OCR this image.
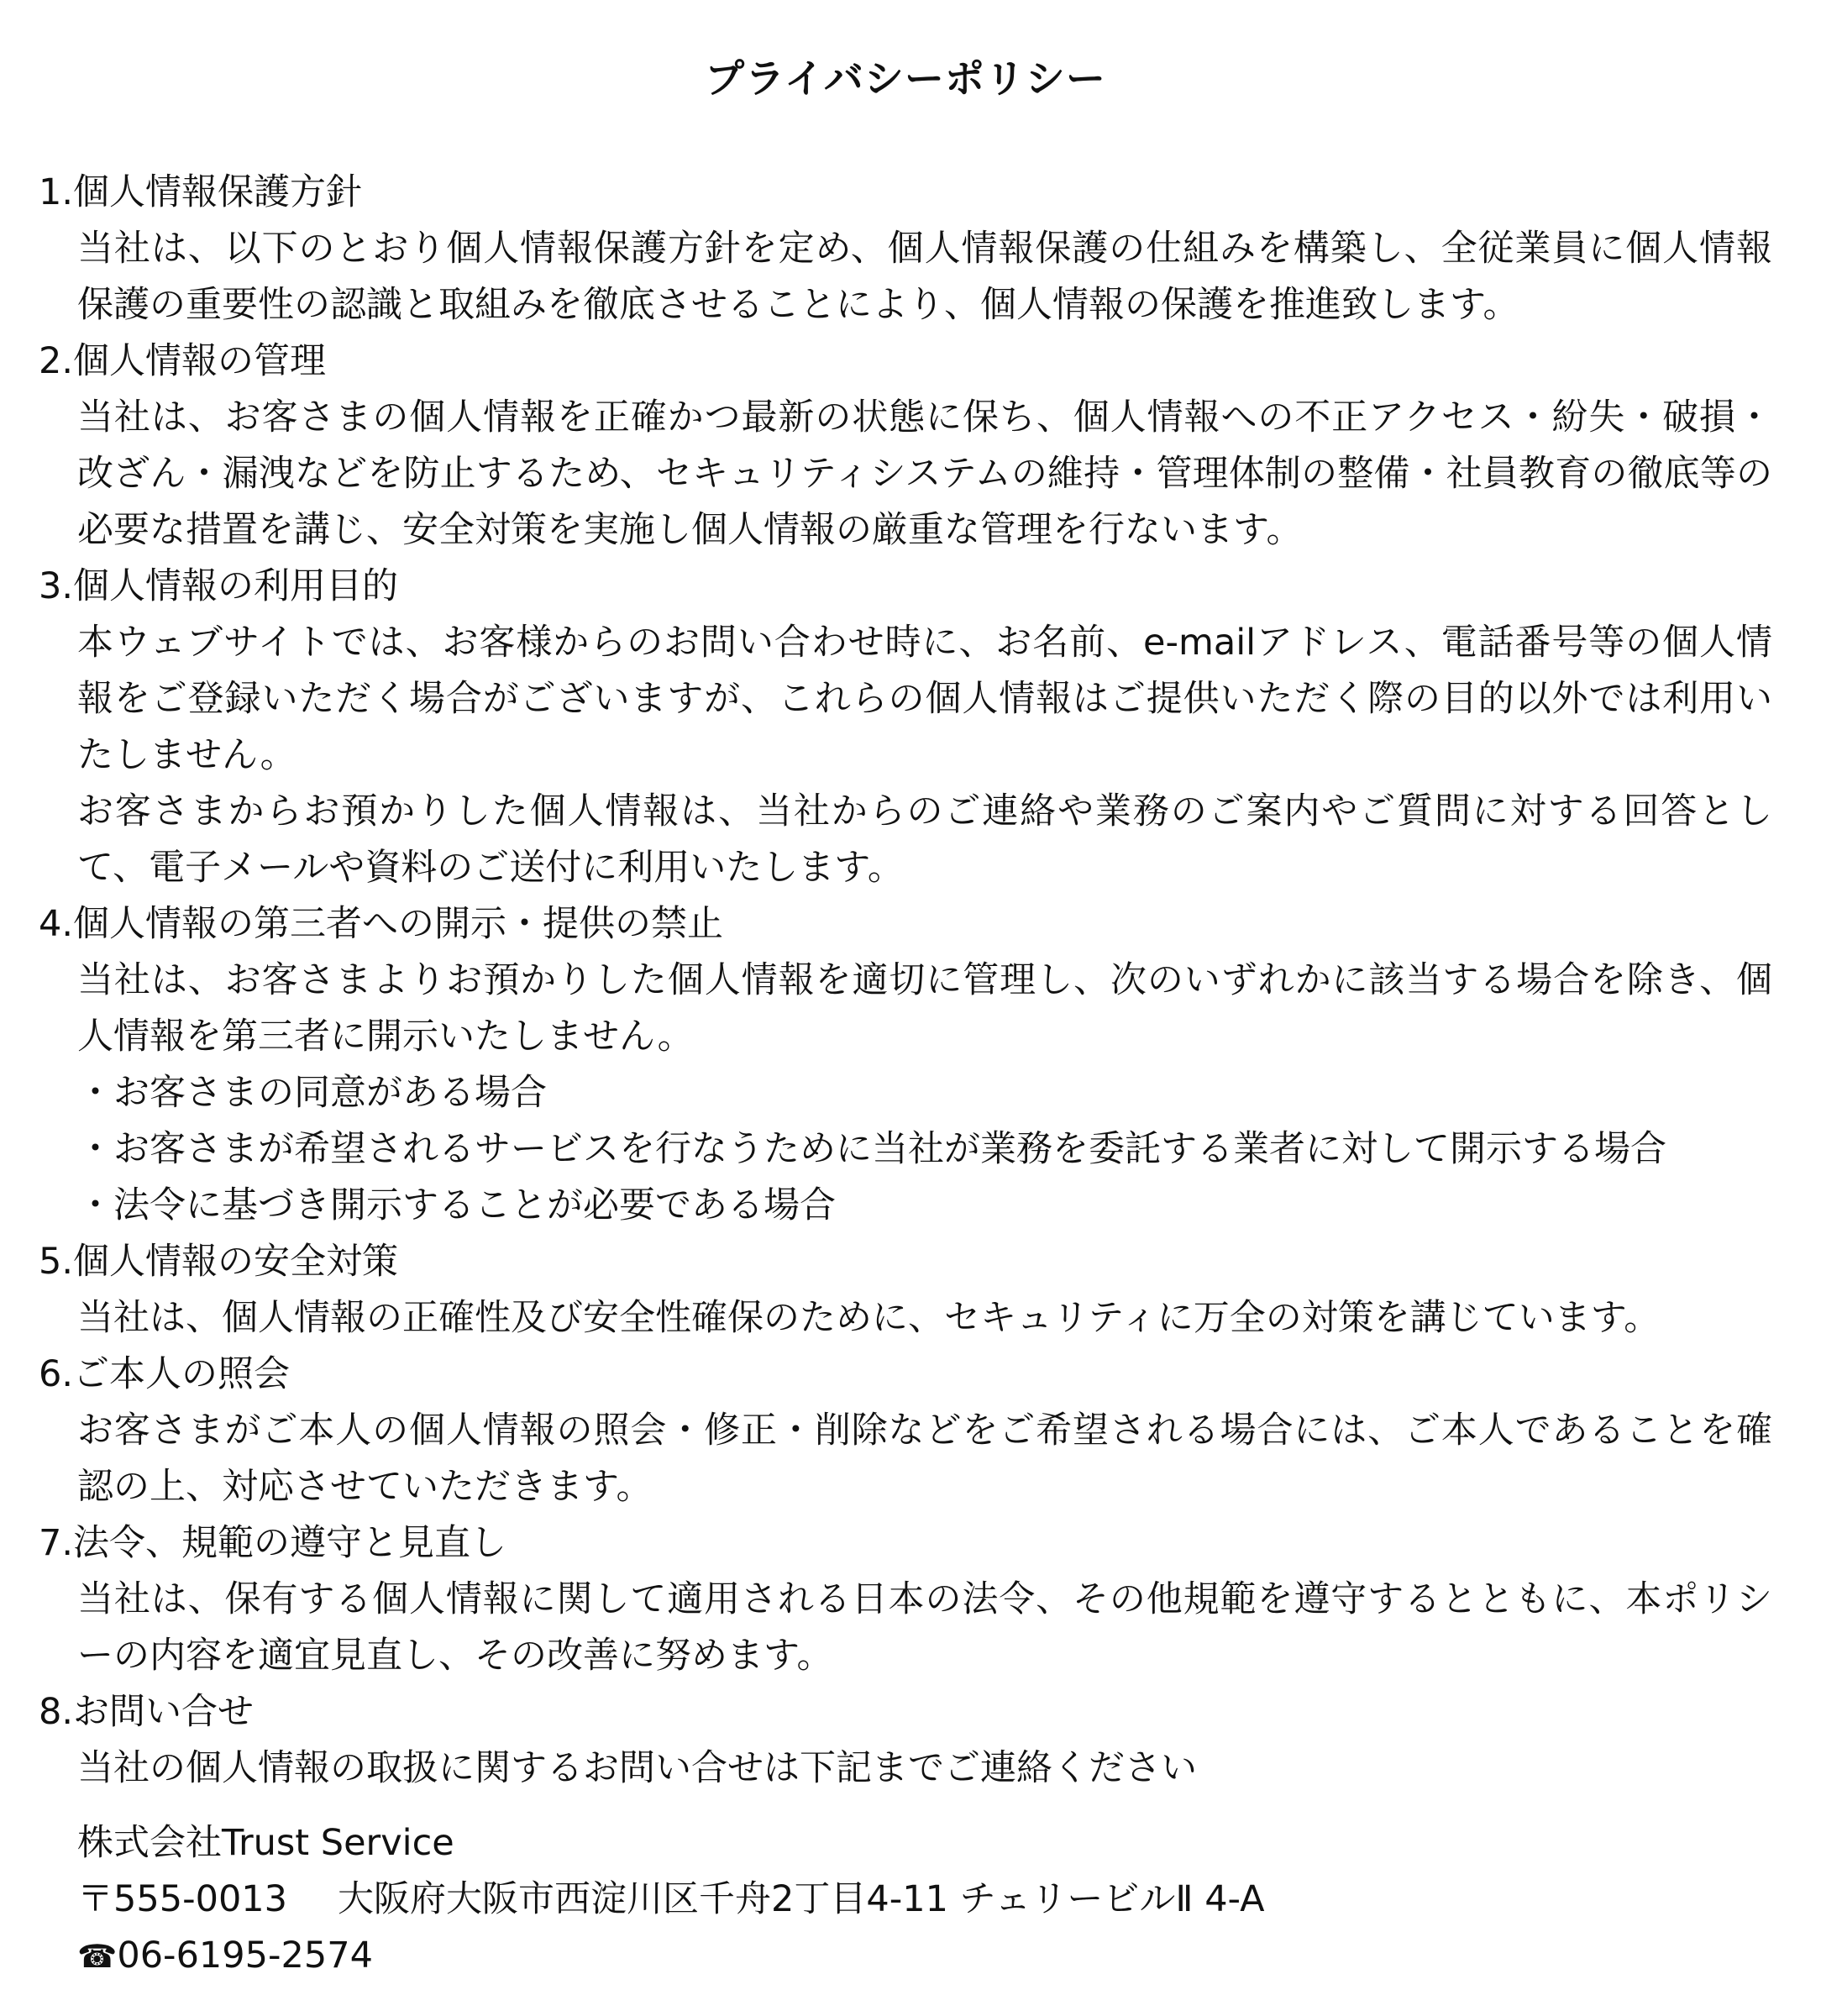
プライバシーポリシー

1.個人情報保護方針

当社は、以下のとおり個人情報保護方針を定め、個人情報保護の仕組みを構築し、全従業員に個人情報保護の重要性の認識と取組みを徹底させることにより、個人情報の保護を推進致します。

2.個人情報の管理

当社は、お客さまの個人情報を正確かつ最新の状態に保ち、個人情報への不正アクセス・紛失・破損・改ざん・漏洩などを防止するため、セキュリティシステムの維持・管理体制の整備・社員教育の徹底等の必要な措置を講じ、安全対策を実施し個人情報の厳重な管理を行ないます。

3.個人情報の利用目的

本ウェブサイトでは、お客様からのお問い合わせ時に、お名前、e-mailアドレス、電話番号等の個人情報をご登録いただく場合がございますが、これらの個人情報はご提供いただく際の目的以外では利用いたしません。

お客さまからお預かりした個人情報は、当社からのご連絡や業務のご案内やご質問に対する回答として、電子メールや資料のご送付に利用いたします。

4.個人情報の第三者への開示・提供の禁止

当社は、お客さまよりお預かりした個人情報を適切に管理し、次のいずれかに該当する場合を除き、個人情報を第三者に開示いたしません。

・お客さまの同意がある場合

・お客さまが希望されるサービスを行なうために当社が業務を委託する業者に対して開示する場合

・法令に基づき開示することが必要である場合

5.個人情報の安全対策

当社は、個人情報の正確性及び安全性確保のために、セキュリティに万全の対策を講じています。

6.ご本人の照会

お客さまがご本人の個人情報の照会・修正・削除などをご希望される場合には、ご本人であることを確認の上、対応させていただきます。

7.法令、規範の遵守と見直し

当社は、保有する個人情報に関して適用される日本の法令、その他規範を遵守するとともに、本ポリシーの内容を適宜見直し、その改善に努めます。

8.お問い合せ

当社の個人情報の取扱に関するお問い合せは下記までご連絡ください

株式会社Trust Service
〒555-0013 大阪府大阪市西淀川区千舟2丁目4-11 チェリービルⅡ 4-A
☎06-6195-2574
